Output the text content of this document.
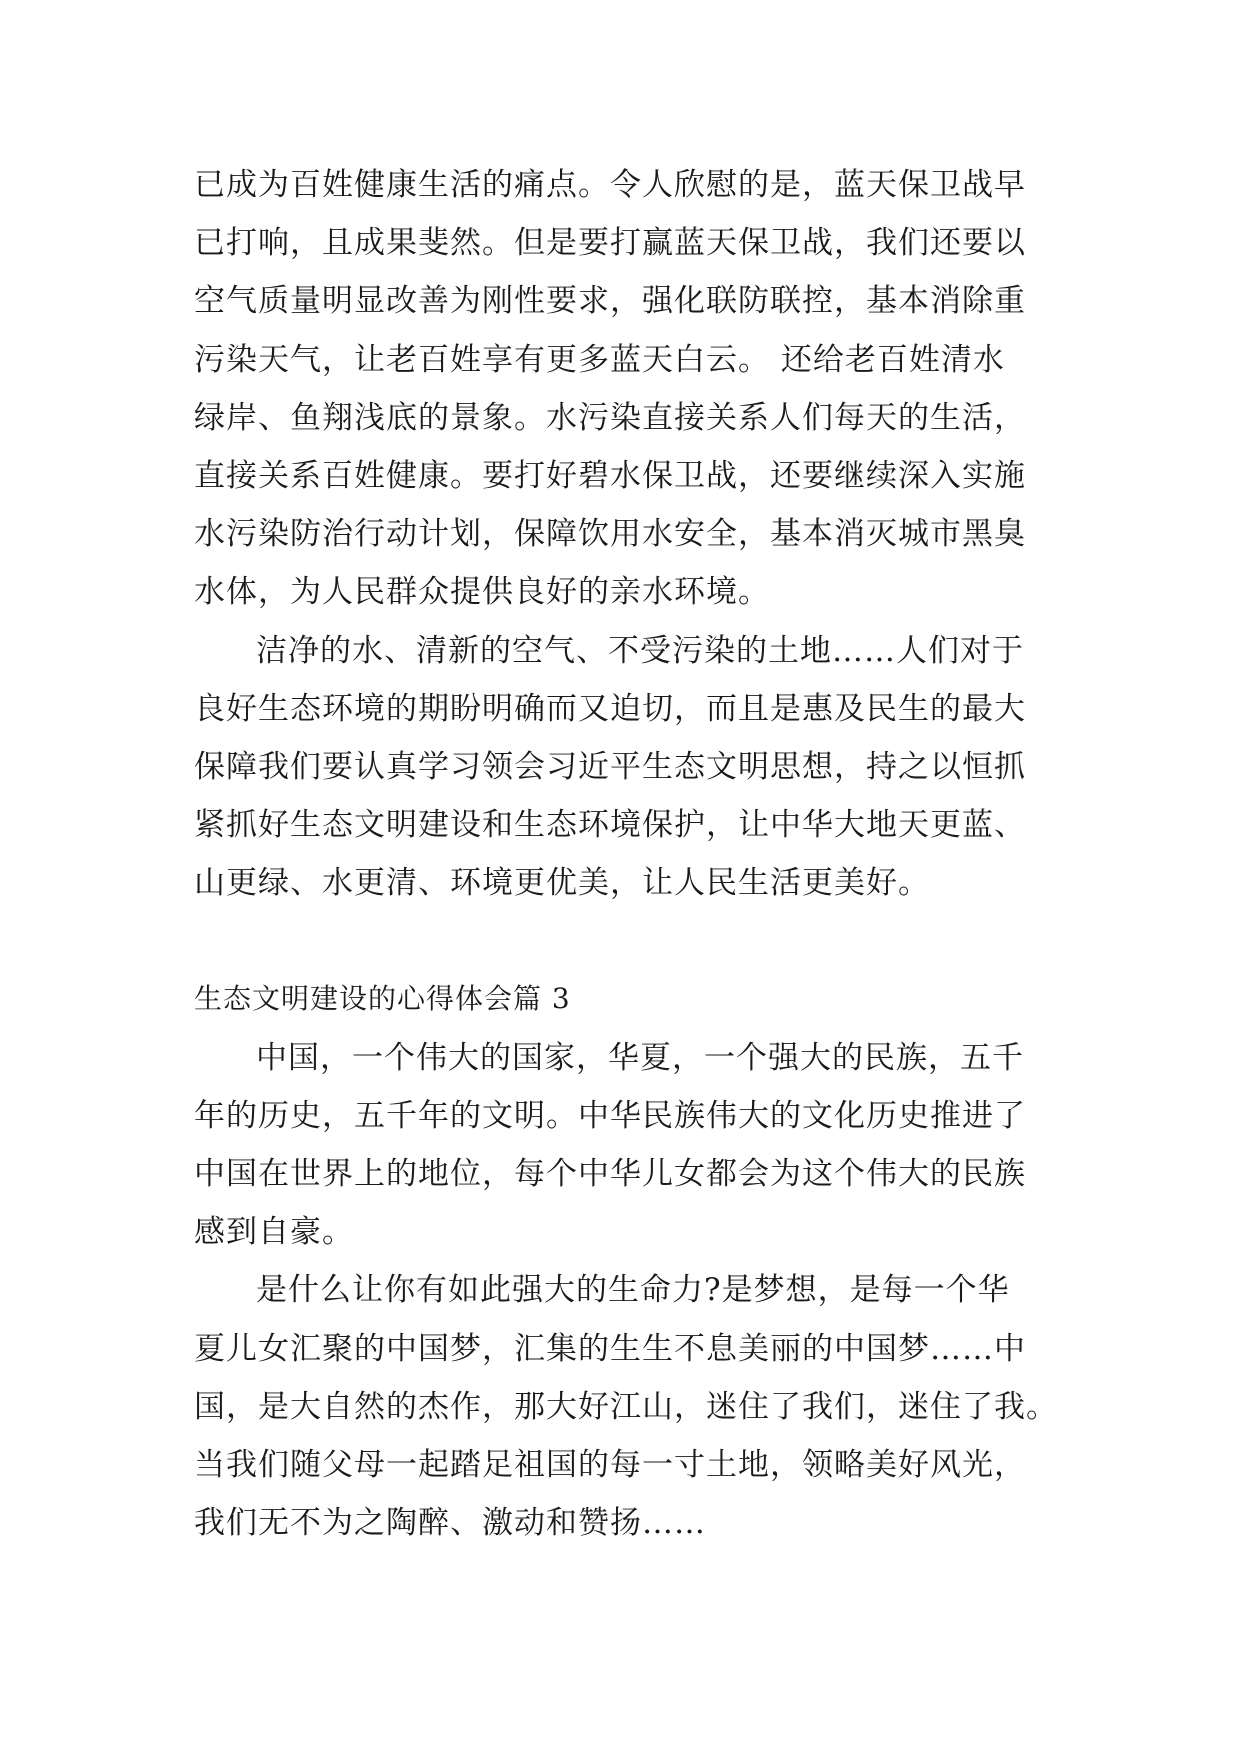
已成为百姓健康生活的痛点。令人欣慰的是，蓝天保卫战早
已打响，且成果斐然。但是要打赢蓝天保卫战，我们还要以
空气质量明显改善为刚性要求，强化联防联控，基本消除重
污染天气，让老百姓享有更多蓝天白云。 还给老百姓清水
绿岸、鱼翔浅底的景象。水污染直接关系人们每天的生活，
直接关系百姓健康。要打好碧水保卫战，还要继续深入实施
水污染防治行动计划，保障饮用水安全，基本消灭城市黑臭
水体，为人民群众提供良好的亲水环境。
洁净的水、清新的空气、不受污染的土地……人们对于
良好生态环境的期盼明确而又迫切，而且是惠及民生的最大
保障我们要认真学习领会习近平生态文明思想，持之以恒抓
紧抓好生态文明建设和生态环境保护，让中华大地天更蓝、
山更绿、水更清、环境更优美，让人民生活更美好。
生态文明建设的心得体会篇 3
中国，一个伟大的国家，华夏，一个强大的民族，五千
年的历史，五千年的文明。中华民族伟大的文化历史推进了
中国在世界上的地位，每个中华儿女都会为这个伟大的民族
感到自豪。
是什么让你有如此强大的生命力?是梦想，是每一个华
夏儿女汇聚的中国梦，汇集的生生不息美丽的中国梦……中
国，是大自然的杰作，那大好江山，迷住了我们，迷住了我。
当我们随父母一起踏足祖国的每一寸土地，领略美好风光，
我们无不为之陶醉、激动和赞扬……
